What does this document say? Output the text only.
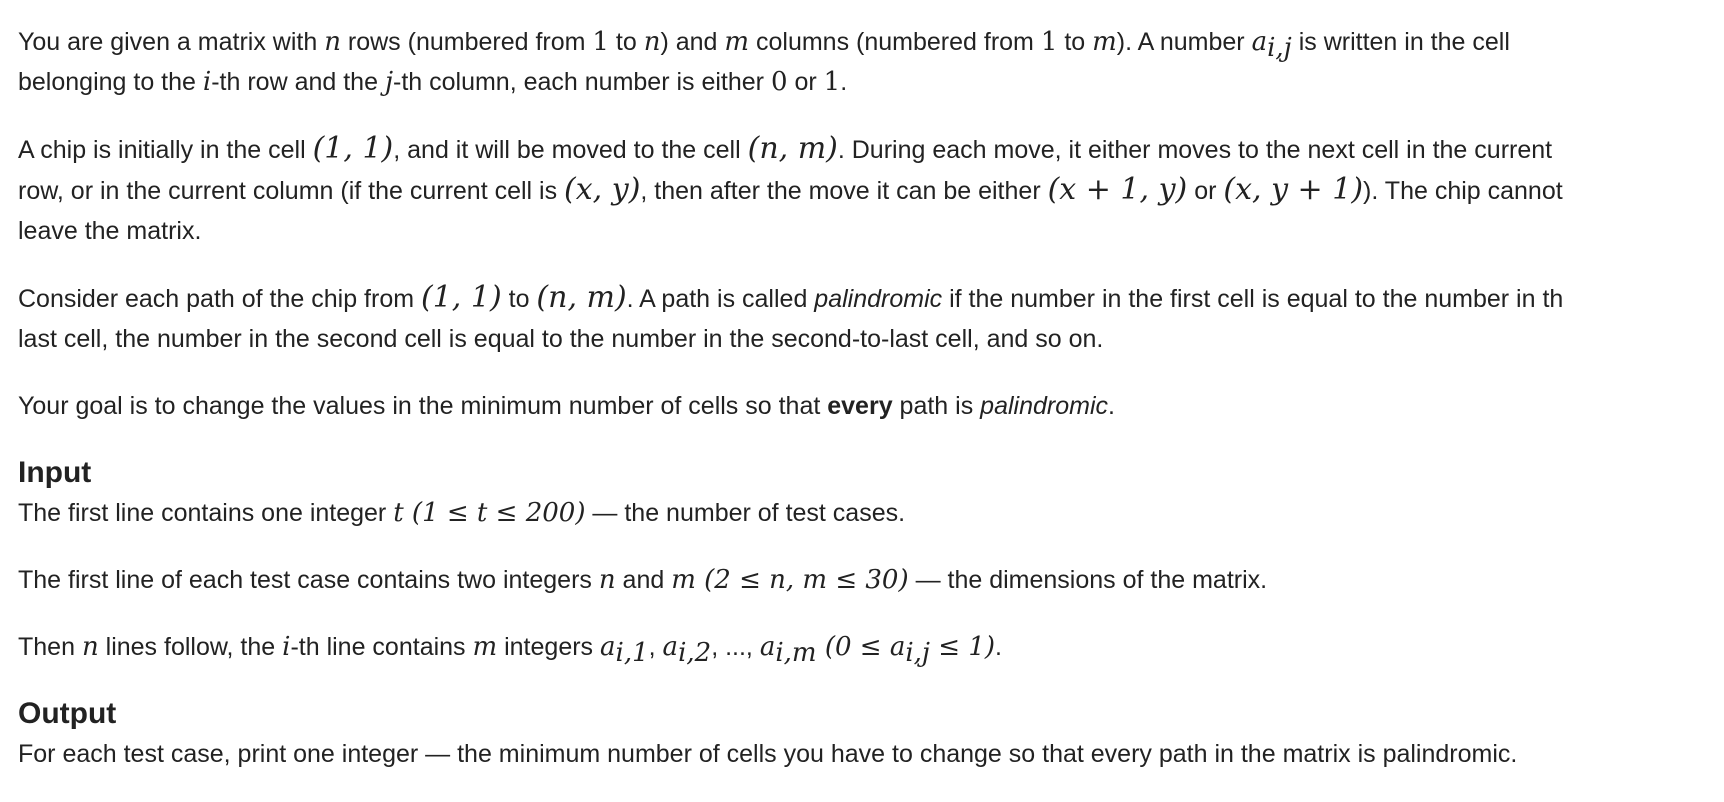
You are given a matrix with n rows (numbered from 1 to n) and m columns (numbered from 1 to m). A number $a_{i,j}$ is written in the cell
belonging to the i-th row and the j-th column, each number is either 0 or 1.

A chip is initially in the cell (1, 1), and it will be moved to the cell (n, m). During each move, it either moves to the next cell in the current
row, or in the current column (if the current cell is (x, y), then after the move it can be either (x + 1, y) or (x, y + 1)). The chip cannot
leave the matrix.

Consider each path of the chip from (1, 1) to (n, m). A path is called palindromic if the number in the first cell is equal to the number in th
last cell, the number in the second cell is equal to the number in the second-to-last cell, and so on.

Your goal is to change the values in the minimum number of cells so that every path is palindromic.

Input

The first line contains one integer t (1 ≤ t ≤ 200) — the number of test cases.

The first line of each test case contains two integers n and m (2 ≤ n, m ≤ 30) — the dimensions of the matrix.

Then n lines follow, the i-th line contains m integers $a_{i,1}$, $a_{i,2}$, ..., $a_{i,m}$ $(0 \le a_{i,j} \le 1)$.

Output

For each test case, print one integer — the minimum number of cells you have to change so that every path in the matrix is palindromic.
